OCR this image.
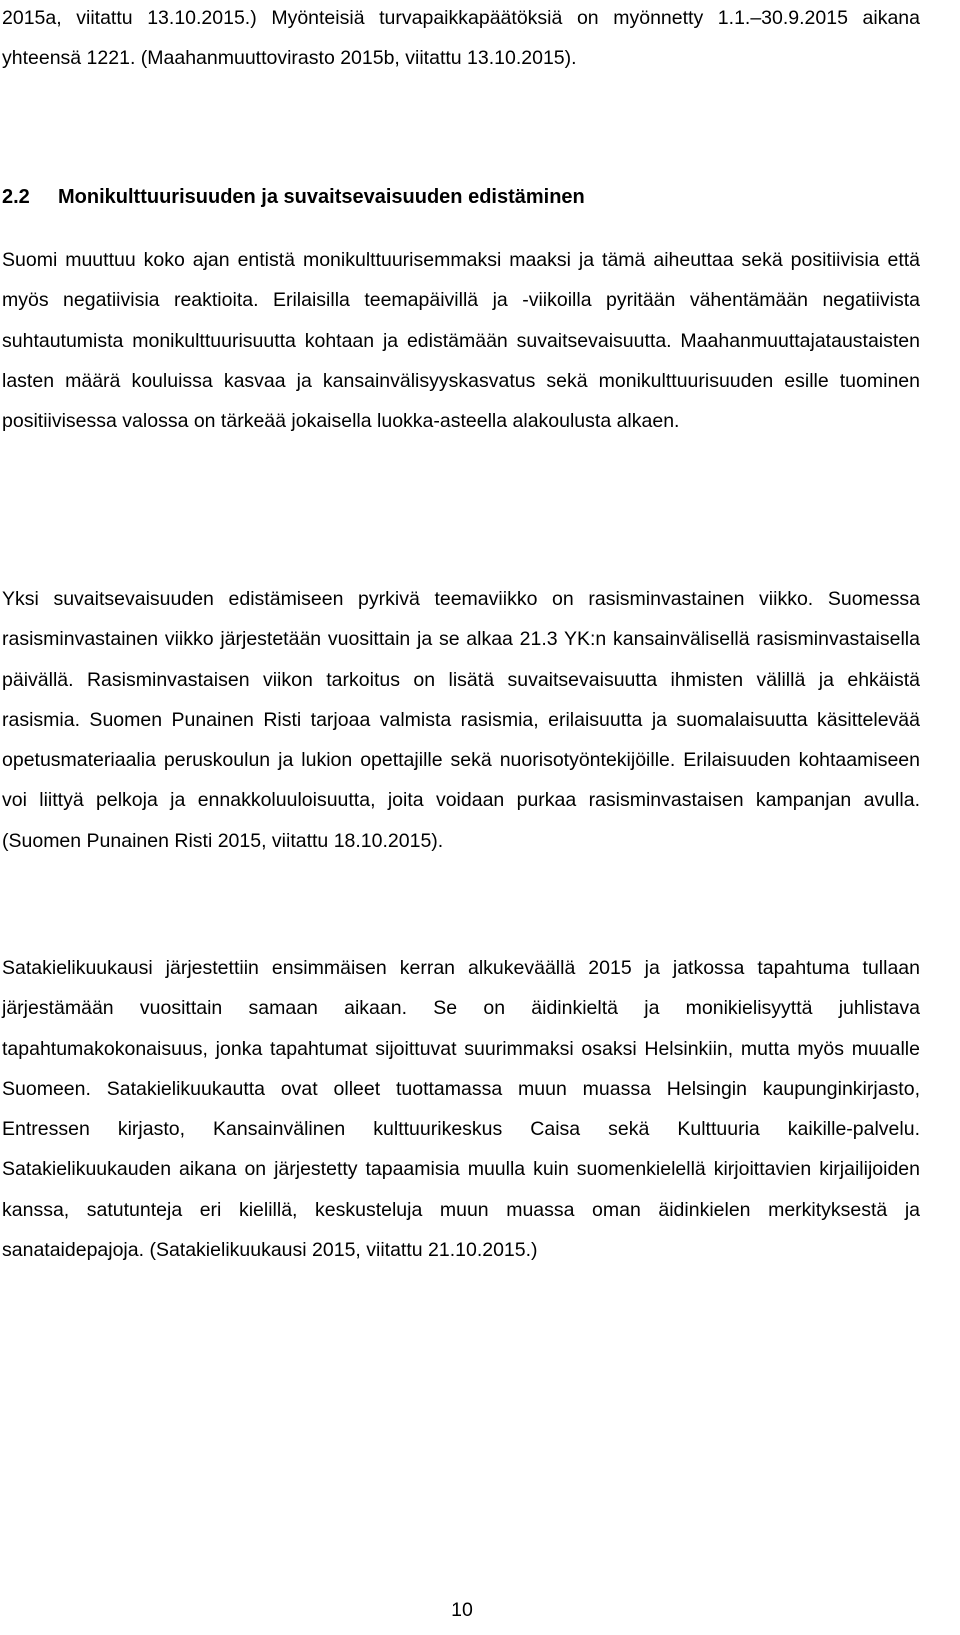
2015a, viitattu 13.10.2015.) Myönteisiä turvapaikkapäätöksiä on myönnetty 1.1.–30.9.2015 aikana yhteensä 1221. (Maahanmuuttovirasto 2015b, viitattu 13.10.2015).

2.2 Monikulttuurisuuden ja suvaitsevaisuuden edistäminen

Suomi muuttuu koko ajan entistä monikulttuurisemmaksi maaksi ja tämä aiheuttaa sekä positiivisia että myös negatiivisia reaktioita. Erilaisilla teemapäivillä ja -viikoilla pyritään vähentämään negatiivista suhtautumista monikulttuurisuutta kohtaan ja edistämään suvaitsevaisuutta. Maahanmuuttajataustaisten lasten määrä kouluissa kasvaa ja kansainvälisyyskasvatus sekä monikulttuurisuuden esille tuominen positiivisessa valossa on tärkeää jokaisella luokka-asteella alakoulusta alkaen.

Yksi suvaitsevaisuuden edistämiseen pyrkivä teemaviikko on rasisminvastainen viikko. Suomessa rasisminvastainen viikko järjestetään vuosittain ja se alkaa 21.3 YK:n kansainvälisellä rasisminvastaisella päivällä. Rasisminvastaisen viikon tarkoitus on lisätä suvaitsevaisuutta ihmisten välillä ja ehkäistä rasismia. Suomen Punainen Risti tarjoaa valmista rasismia, erilaisuutta ja suomalaisuutta käsittelevää opetusmateriaalia peruskoulun ja lukion opettajille sekä nuorisotyöntekijöille. Erilaisuuden kohtaamiseen voi liittyä pelkoja ja ennakkoluuloisuutta, joita voidaan purkaa rasisminvastaisen kampanjan avulla. (Suomen Punainen Risti 2015, viitattu 18.10.2015).

Satakielikuukausi järjestettiin ensimmäisen kerran alkukeväällä 2015 ja jatkossa tapahtuma tullaan järjestämään vuosittain samaan aikaan. Se on äidinkieltä ja monikielisyyttä juhlistava tapahtumakokonaisuus, jonka tapahtumat sijoittuvat suurimmaksi osaksi Helsinkiin, mutta myös muualle Suomeen. Satakielikuukautta ovat olleet tuottamassa muun muassa Helsingin kaupunginkirjasto, Entressen kirjasto, Kansainvälinen kulttuurikeskus Caisa sekä Kulttuuria kaikille-palvelu. Satakielikuukauden aikana on järjestetty tapaamisia muulla kuin suomenkielellä kirjoittavien kirjailijoiden kanssa, satutunteja eri kielillä, keskusteluja muun muassa oman äidinkielen merkityksestä ja sanataidepajoja. (Satakielikuukausi 2015, viitattu 21.10.2015.)

10
